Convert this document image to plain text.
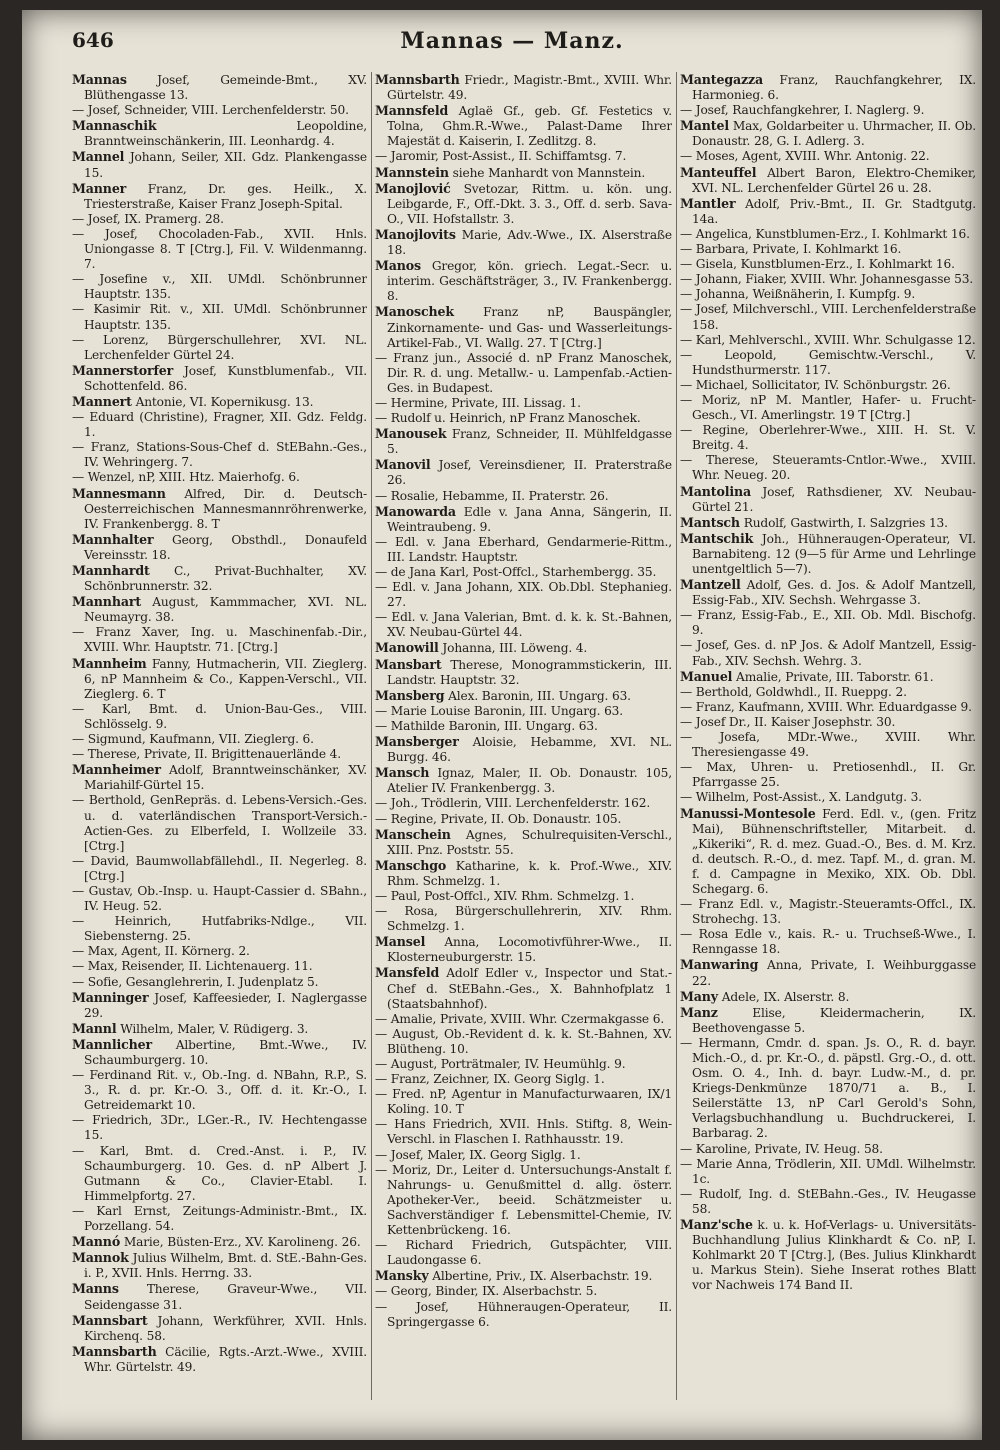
646	Mannas — Manz.

Mannas Josef, Gemeinde-Bmt., XV. Blüthengasse 13.

— Josef, Schneider, VIII. Lerchenfelderstr. 50.

Mannaschik	Leopoldine, Branntweinschänkerin, III. Leonhardg. 4.

Mannel Johann, Seiler, XII. Gdz. Plankengasse 15.

Manner Franz, Dr. ges. Heilk., X. Triesterstraße, Kaiser Franz Joseph-Spital.

— Josef, IX. Pramerg. 28.

— Josef, Chocoladen-Fab., XVII. Hnls. Uniongasse 8. T [Ctrg.], Fil. V. Wildenmanng. 7.

— Josefine v., XII. UMdl. Schönbrunner Hauptstr. 135.

— Kasimir Rit. v., XII. UMdl. Schönbrunner Hauptstr. 135.

— Lorenz, Bürgerschullehrer, XVI. NL. Lerchenfelder Gürtel 24.

Mannerstorfer Josef, Kunstblumenfab., VII. Schottenfeld. 86.

Mannert Antonie, VI. Kopernikusg. 13.

— Eduard (Christine), Fragner, XII. Gdz. Feldg. 1.

— Franz, Stations-Sous-Chef d. StEBahn.-Ges., IV. Wehringerg. 7.

— Wenzel, nP, XIII. Htz. Maierhofg. 6.

Mannesmann Alfred, Dir. d. Deutsch-Oesterreichischen Mannesmannröhrenwerke, IV. Frankenbergg. 8. T

Mannhalter Georg, Obsthdl., Donaufeld Vereinsstr. 18.

Mannhardt C., Privat-Buchhalter, XV. Schönbrunnerstr. 32.

Mannhart August, Kammmacher, XVI. NL. Neumayrg. 38.

— Franz Xaver, Ing. u. Maschinenfab.-Dir., XVIII. Whr. Hauptstr. 71. [Ctrg.]

Mannheim Fanny, Hutmacherin, VII. Zieglerg. 6, nP Mannheim & Co., Kappen-Verschl., VII. Zieglerg. 6. T

— Karl, Bmt. d. Union-Bau-Ges., VIII. Schlösselg. 9.

— Sigmund, Kaufmann, VII. Zieglerg. 6.

— Therese, Private, II. Brigittenauerlände 4.

Mannheimer Adolf, Branntweinschänker, XV. Mariahilf-Gürtel 15.

— Berthold, GenRepräs. d. Lebens-Versich.-Ges. u. d. vaterländischen Transport-Versich.-Actien-Ges. zu Elberfeld, I. Wollzeile 33. [Ctrg.]

— David, Baumwollabfällehdl., II. Negerleg. 8. [Ctrg.]

— Gustav, Ob.-Insp. u. Haupt-Cassier d. SBahn., IV. Heug. 52.

— Heinrich, Hutfabriks-Ndlge., VII. Siebensterng. 25.

— Max, Agent, II. Körnerg. 2.

— Max, Reisender, II. Lichtenauerg. 11.

— Sofie, Gesanglehrerin, I. Judenplatz 5.

Manninger Josef, Kaffeesieder, I. Naglergasse 29.

Mannl Wilhelm, Maler, V. Rüdigerg. 3.

Mannlicher Albertine, Bmt.-Wwe., IV. Schaumburgerg. 10.

— Ferdinand Rit. v., Ob.-Ing. d. NBahn, R.P., S. 3., R. d. pr. Kr.-O. 3., Off. d. it. Kr.-O., I. Getreidemarkt 10.

— Friedrich, 3Dr., LGer.-R., IV. Hechtengasse 15.

— Karl, Bmt. d. Cred.-Anst. i. P., IV. Schaumburgerg. 10. Ges. d. nP Albert J. Gutmann & Co., Clavier-Etabl. I. Himmelpfortg. 27.

— Karl Ernst, Zeitungs-Administr.-Bmt., IX. Porzellang. 54.

Mannó Marie, Büsten-Erz., XV. Karolineng. 26.

Mannok Julius Wilhelm, Bmt. d. StE.-Bahn-Ges. i. P., XVII. Hnls. Herrng. 33.

Manns Therese, Graveur-Wwe., VII. Seidengasse 31.

Mannsbart Johann, Werkführer, XVII. Hnls. Kirchenq. 58.

Mannsbarth Cäcilie, Rgts.-Arzt.-Wwe., XVIII. Whr. Gürtelstr. 49.

Mannsbarth Friedr., Magistr.-Bmt., XVIII. Whr. Gürtelstr. 49.

Mannsfeld Aglaë Gf., geb. Gf. Festetics v. Tolna, Ghm.R.-Wwe., Palast-Dame Ihrer Majestät d. Kaiserin, I. Zedlitzg. 8.

— Jaromir, Post-Assist., II. Schiffamtsg. 7.

Mannstein siehe Manhardt von Mannstein.

Manojlović Svetozar, Rittm. u. kön. ung. Leibgarde, F., Off.-Dkt. 3. 3., Off. d. serb. Sava-O., VII. Hofstallstr. 3.

Manojlovits Marie, Adv.-Wwe., IX. Alserstraße 18.

Manos Gregor, kön. griech. Legat.-Secr. u. interim. Geschäftsträger, 3., IV. Frankenbergg. 8.

Manoschek Franz nP, Bauspängler, Zinkornamente- und Gas- und Wasserleitungs-Artikel-Fab., VI. Wallg. 27. T [Ctrg.]

— Franz jun., Associé d. nP Franz Manoschek, Dir. R. d. ung. Metallw.- u. Lampenfab.-Actien-Ges. in Budapest.

— Hermine, Private, III. Lissag. 1.

— Rudolf u. Heinrich, nP Franz Manoschek.

Manousek Franz, Schneider, II. Mühlfeldgasse 5.

Manovil Josef, Vereinsdiener, II. Praterstraße 26.

— Rosalie, Hebamme, II. Praterstr. 26.

Manowarda Edle v. Jana Anna, Sängerin, II. Weintraubeng. 9.

— Edl. v. Jana Eberhard, Gendarmerie-Rittm., III. Landstr. Hauptstr.

— de Jana Karl, Post-Offcl., Starhembergg. 35.

— Edl. v. Jana Johann, XIX. Ob.Dbl. Stephanieg. 27.

— Edl. v. Jana Valerian, Bmt. d. k. k. St.-Bahnen, XV. Neubau-Gürtel 44.

Manowill Johanna, III. Löweng. 4.

Mansbart Therese, Monogrammstickerin, III. Landstr. Hauptstr. 32.

Mansberg Alex. Baronin, III. Ungarg. 63.

— Marie Louise Baronin, III. Ungarg. 63.

— Mathilde Baronin, III. Ungarg. 63.

Mansberger Aloisie, Hebamme, XVI. NL. Burgg. 46.

Mansch Ignaz, Maler, II. Ob. Donaustr. 105, Atelier IV. Frankenbergg. 3.

— Joh., Trödlerin, VIII. Lerchenfelderstr. 162.

— Regine, Private, II. Ob. Donaustr. 105.

Manschein Agnes, Schulrequisiten-Verschl., XIII. Pnz. Poststr. 55.

Manschgo Katharine, k. k. Prof.-Wwe., XIV. Rhm. Schmelzg. 1.

— Paul, Post-Offcl., XIV. Rhm. Schmelzg. 1.

— Rosa, Bürgerschullehrerin, XIV. Rhm. Schmelzg. 1.

Mansel Anna, Locomotivführer-Wwe., II. Klosterneuburgerstr. 15.

Mansfeld Adolf Edler v., Inspector und Stat.-Chef d. StEBahn.-Ges., X. Bahnhofplatz 1 (Staatsbahnhof).

— Amalie, Private, XVIII. Whr. Czermakgasse 6.

— August, Ob.-Revident d. k. k. St.-Bahnen, XV. Blütheng. 10.

— August, Porträtmaler, IV. Heumühlg. 9.

— Franz, Zeichner, IX. Georg Siglg. 1.

— Fred. nP, Agentur in Manufacturwaaren, IX/1 Koling. 10. T

— Hans Friedrich, XVII. Hnls. Stiftg. 8, Wein-Verschl. in Flaschen I. Rathhausstr. 19.

— Josef, Maler, IX. Georg Siglg. 1.

— Moriz, Dr., Leiter d. Untersuchungs-Anstalt f. Nahrungs- u. Genußmittel d. allg. österr. Apotheker-Ver., beeid. Schätzmeister u. Sachverständiger f. Lebensmittel-Chemie, IV. Kettenbrückeng. 16.

— Richard Friedrich, Gutspächter, VIII. Laudongasse 6.

Mansky Albertine, Priv., IX. Alserbachstr. 19.

— Georg, Binder, IX. Alserbachstr. 5.

— Josef, Hühneraugen-Operateur, II. Springergasse 6.

Mantegazza Franz, Rauchfangkehrer, IX. Harmonieg. 6.

— Josef, Rauchfangkehrer, I. Naglerg. 9.

Mantel Max, Goldarbeiter u. Uhrmacher, II. Ob. Donaustr. 28, G. I. Adlerg. 3.

— Moses, Agent, XVIII. Whr. Antonig. 22.

Manteuffel Albert Baron, Elektro-Chemiker, XVI. NL. Lerchenfelder Gürtel 26 u. 28.

Mantler Adolf, Priv.-Bmt., II. Gr. Stadtgutg. 14a.

— Angelica, Kunstblumen-Erz., I. Kohlmarkt 16.

— Barbara, Private, I. Kohlmarkt 16.

— Gisela, Kunstblumen-Erz., I. Kohlmarkt 16.

— Johann, Fiaker, XVIII. Whr. Johannesgasse 53.

— Johanna, Weißnäherin, I. Kumpfg. 9.

— Josef, Milchverschl., VIII. Lerchenfelderstraße 158.

— Karl, Mehlverschl., XVIII. Whr. Schulgasse 12.

— Leopold, Gemischtw.-Verschl., V. Hundsthurmerstr. 117.

— Michael, Sollicitator, IV. Schönburgstr. 26.

— Moriz, nP M. Mantler, Hafer- u. Frucht-Gesch., VI. Amerlingstr. 19 T [Ctrg.]

— Regine, Oberlehrer-Wwe., XIII. H. St. V. Breitg. 4.

— Therese, Steueramts-Cntlor.-Wwe., XVIII. Whr. Neueg. 20.

Mantolina Josef, Rathsdiener, XV. Neubau-Gürtel 21.

Mantsch Rudolf, Gastwirth, I. Salzgries 13.

Mantschik Joh., Hühneraugen-Operateur, VI. Barnabiteng. 12 (9—5 für Arme und Lehrlinge unentgeltlich 5—7).

Mantzell Adolf, Ges. d. Jos. & Adolf Mantzell, Essig-Fab., XIV. Sechsh. Wehrgasse 3.

— Franz, Essig-Fab., E., XII. Ob. Mdl. Bischofg. 9.

— Josef, Ges. d. nP Jos. & Adolf Mantzell, Essig-Fab., XIV. Sechsh. Wehrg. 3.

Manuel Amalie, Private, III. Taborstr. 61.

— Berthold, Goldwhdl., II. Rueppg. 2.

— Franz, Kaufmann, XVIII. Whr. Eduardgasse 9.

— Josef Dr., II. Kaiser Josephstr. 30.

— Josefa, MDr.-Wwe., XVIII. Whr. Theresiengasse 49.

— Max, Uhren- u. Pretiosenhdl., II. Gr. Pfarrgasse 25.

— Wilhelm, Post-Assist., X. Landgutg. 3.

Manussi-Montesole Ferd. Edl. v., (gen. Fritz Mai), Bühnenschriftsteller, Mitarbeit. d. „Kikeriki“, R. d. mez. Guad.-O., Bes. d. M. Krz. d. deutsch. R.-O., d. mez. Tapf. M., d. gran. M. f. d. Campagne in Mexiko, XIX. Ob. Dbl. Schegarg. 6.

— Franz Edl. v., Magistr.-Steueramts-Offcl., IX. Strohechg. 13.

— Rosa Edle v., kais. R.- u. Truchseß-Wwe., I. Renngasse 18.

Manwaring Anna, Private, I. Weihburggasse 22.

Many Adele, IX. Alserstr. 8.

Manz	Elise, Kleidermacherin, IX. Beethovengasse 5.

— Hermann, Cmdr. d. span. Js. O., R. d. bayr. Mich.-O., d. pr. Kr.-O., d. päpstl. Grg.-O., d. ott. Osm. O. 4., Inh. d. bayr. Ludw.-M., d. pr. Kriegs-Denkmünze 1870/71 a. B., I. Seilerstätte 13, nP Carl Gerold's Sohn, Verlagsbuchhandlung u. Buchdruckerei, I. Barbarag. 2.

— Karoline, Private, IV. Heug. 58.

— Marie Anna, Trödlerin, XII. UMdl. Wilhelmstr. 1c.

— Rudolf, Ing. d. StEBahn.-Ges., IV. Heugasse 58.

Manz'sche k. u. k. Hof-Verlags- u. Universitäts-Buchhandlung Julius Klinkhardt & Co. nP, I. Kohlmarkt 20 T [Ctrg.], (Bes. Julius Klinkhardt u. Markus Stein). Siehe Inserat rothes Blatt vor Nachweis 174 Band II.
